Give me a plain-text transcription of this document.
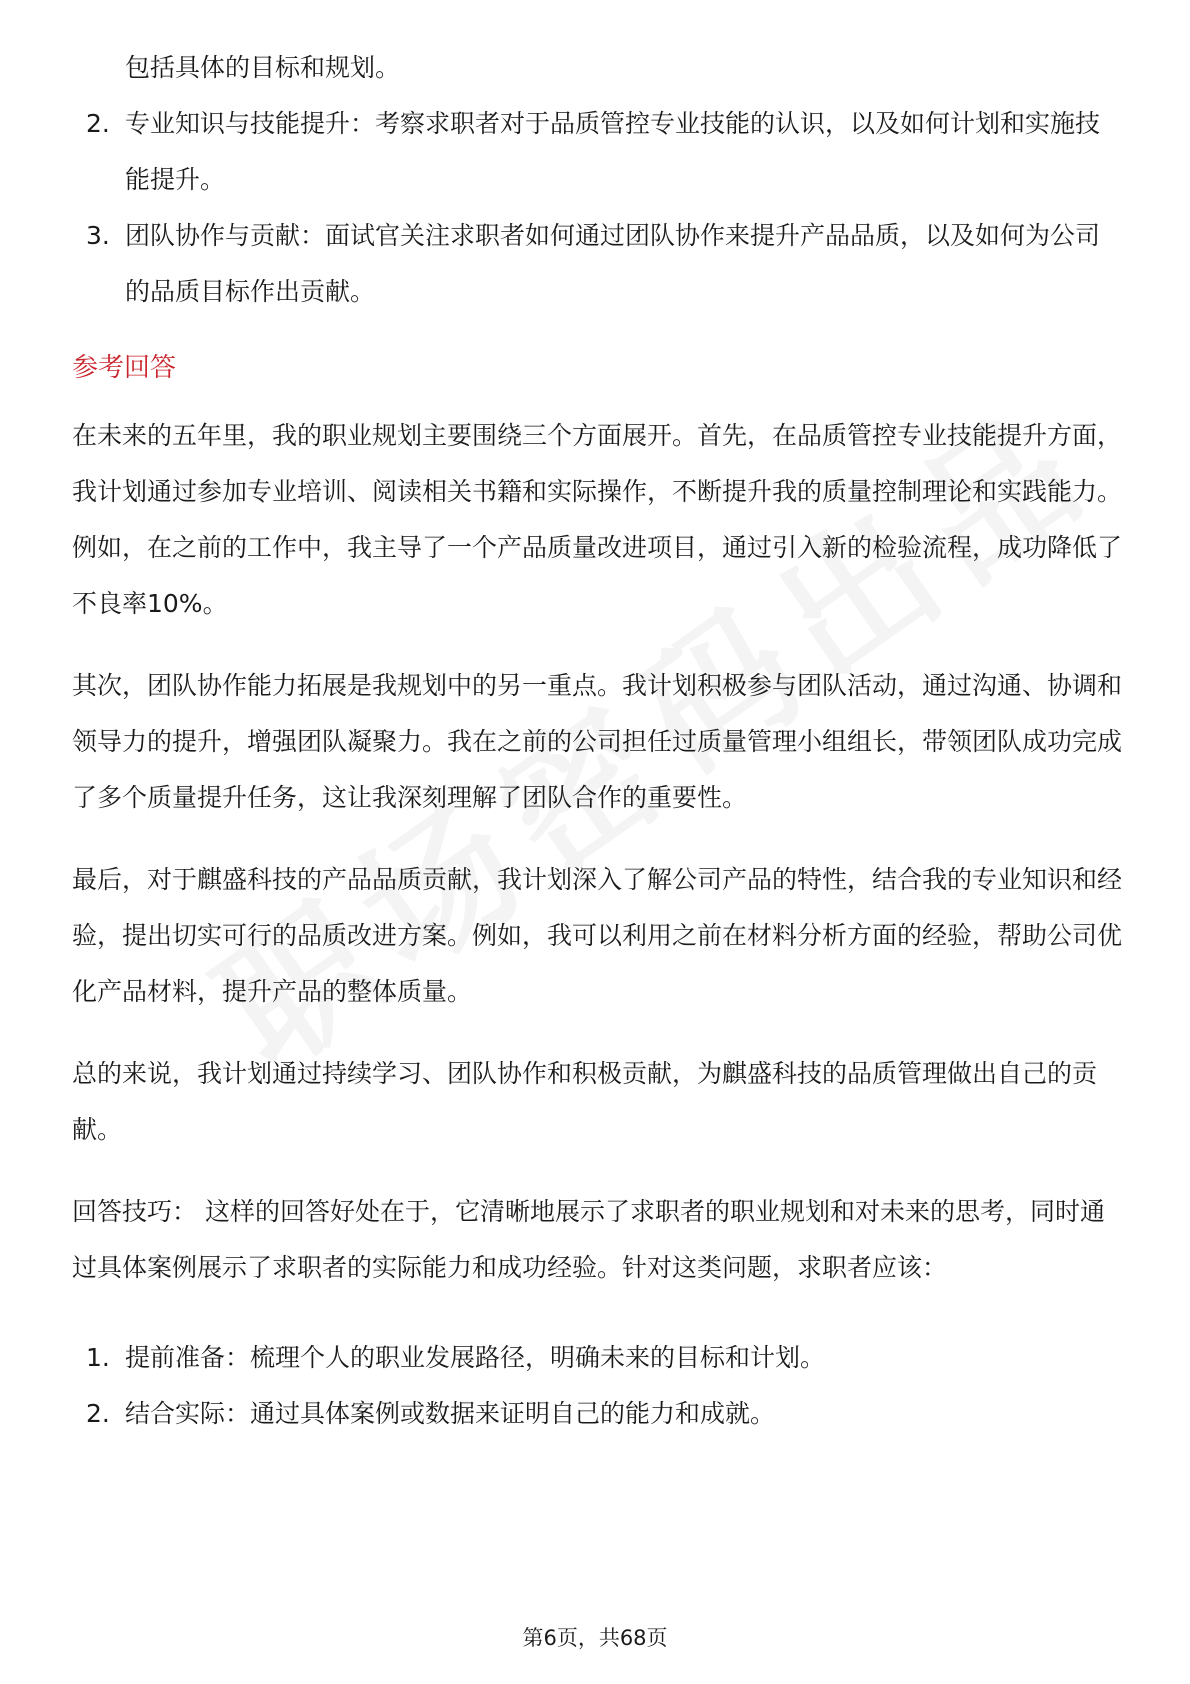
包括具体的目标和规划。
2. 专业知识与技能提升：考察求职者对于品质管控专业技能的认识，以及如何计划和实施技能提升。
3. 团队协作与贡献：面试官关注求职者如何通过团队协作来提升产品品质，以及如何为公司的品质目标作出贡献。
参考回答

在未来的五年里，我的职业规划主要围绕三个方面展开。首先，在品质管控专业技能提升方面，我计划通过参加专业培训、阅读相关书籍和实际操作，不断提升我的质量控制理论和实践能力。例如，在之前的工作中，我主导了一个产品质量改进项目，通过引入新的检验流程，成功降低了不良率10%。

其次，团队协作能力拓展是我规划中的另一重点。我计划积极参与团队活动，通过沟通、协调和领导力的提升，增强团队凝聚力。我在之前的公司担任过质量管理小组组长，带领团队成功完成了多个质量提升任务，这让我深刻理解了团队合作的重要性。

最后，对于麒盛科技的产品品质贡献，我计划深入了解公司产品的特性，结合我的专业知识和经验，提出切实可行的品质改进方案。例如，我可以利用之前在材料分析方面的经验，帮助公司优化产品材料，提升产品的整体质量。

总的来说，我计划通过持续学习、团队协作和积极贡献，为麒盛科技的品质管理做出自己的贡献。

回答技巧： 这样的回答好处在于，它清晰地展示了求职者的职业规划和对未来的思考，同时通过具体案例展示了求职者的实际能力和成功经验。针对这类问题，求职者应该：

1. 提前准备：梳理个人的职业发展路径，明确未来的目标和计划。
2. 结合实际：通过具体案例或数据来证明自己的能力和成就。
第6页，共68页
